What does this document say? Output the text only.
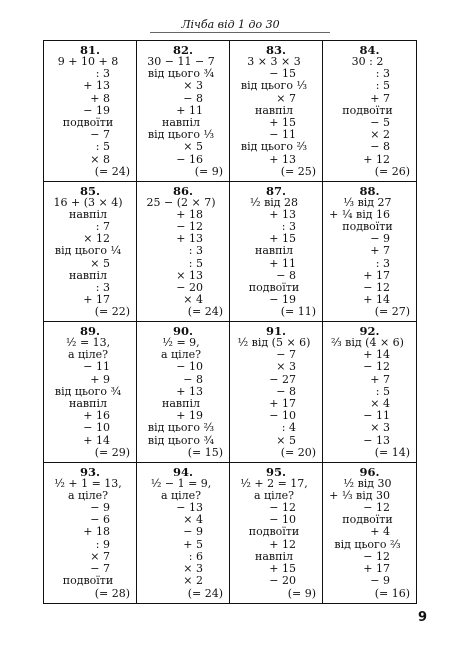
Лічба від 1 до 30
81.
9 + 10 + 8
: 3
+ 13
+ 8
− 19
подвоїти
− 7
: 5
× 8
(= 24)
82.
30 − 11 − 7
від цього ³⁄₄
× 3
− 8
+ 11
навпіл
від цього ¹⁄₃
× 5
− 16
(= 9)
83.
3 × 3 × 3
− 15
від цього ¹⁄₃
× 7
навпіл
+ 15
− 11
від цього ²⁄₃
+ 13
(= 25)
84.
30 : 2
: 3
: 5
+ 7
подвоїти
− 5
× 2
− 8
+ 12
(= 26)
85.
16 + (3 × 4)
навпіл
: 7
× 12
від цього ¹⁄₄
× 5
навпіл
: 3
+ 17
(= 22)
86.
25 − (2 × 7)
+ 18
− 12
+ 13
: 3
: 5
× 13
− 20
× 4
(= 24)
87.
¹⁄₂ від 28
+ 13
: 3
+ 15
навпіл
+ 11
− 8
подвоїти
− 19
(= 11)
88.
¹⁄₃ від 27
+ ¹⁄₄ від 16
подвоїти
− 9
+ 7
: 3
+ 17
− 12
+ 14
(= 27)
89.
¹⁄₂ = 13,
а ціле?
− 11
+ 9
від цього ³⁄₄
навпіл
+ 16
− 10
+ 14
(= 29)
90.
¹⁄₂ = 9,
а ціле?
− 10
− 8
+ 13
навпіл
+ 19
від цього ²⁄₃
від цього ³⁄₄
(= 15)
91.
¹⁄₂ від (5 × 6)
− 7
× 3
− 27
− 8
+ 17
− 10
: 4
× 5
(= 20)
92.
²⁄₃ від (4 × 6)
+ 14
− 12
+ 7
: 5
× 4
− 11
× 3
− 13
(= 14)
93.
¹⁄₂ + 1 = 13,
а ціле?
− 9
− 6
+ 18
: 9
× 7
− 7
подвоїти
(= 28)
94.
¹⁄₂ − 1 = 9,
а ціле?
− 13
× 4
− 9
+ 5
: 6
× 3
× 2
(= 24)
95.
¹⁄₂ + 2 = 17,
а ціле?
− 12
− 10
подвоїти
+ 12
навпіл
+ 15
− 20
(= 9)
96.
¹⁄₂ від 30
+ ¹⁄₃ від 30
− 12
подвоїти
+ 4
від цього ²⁄₃
− 12
+ 17
− 9
(= 16)
9
